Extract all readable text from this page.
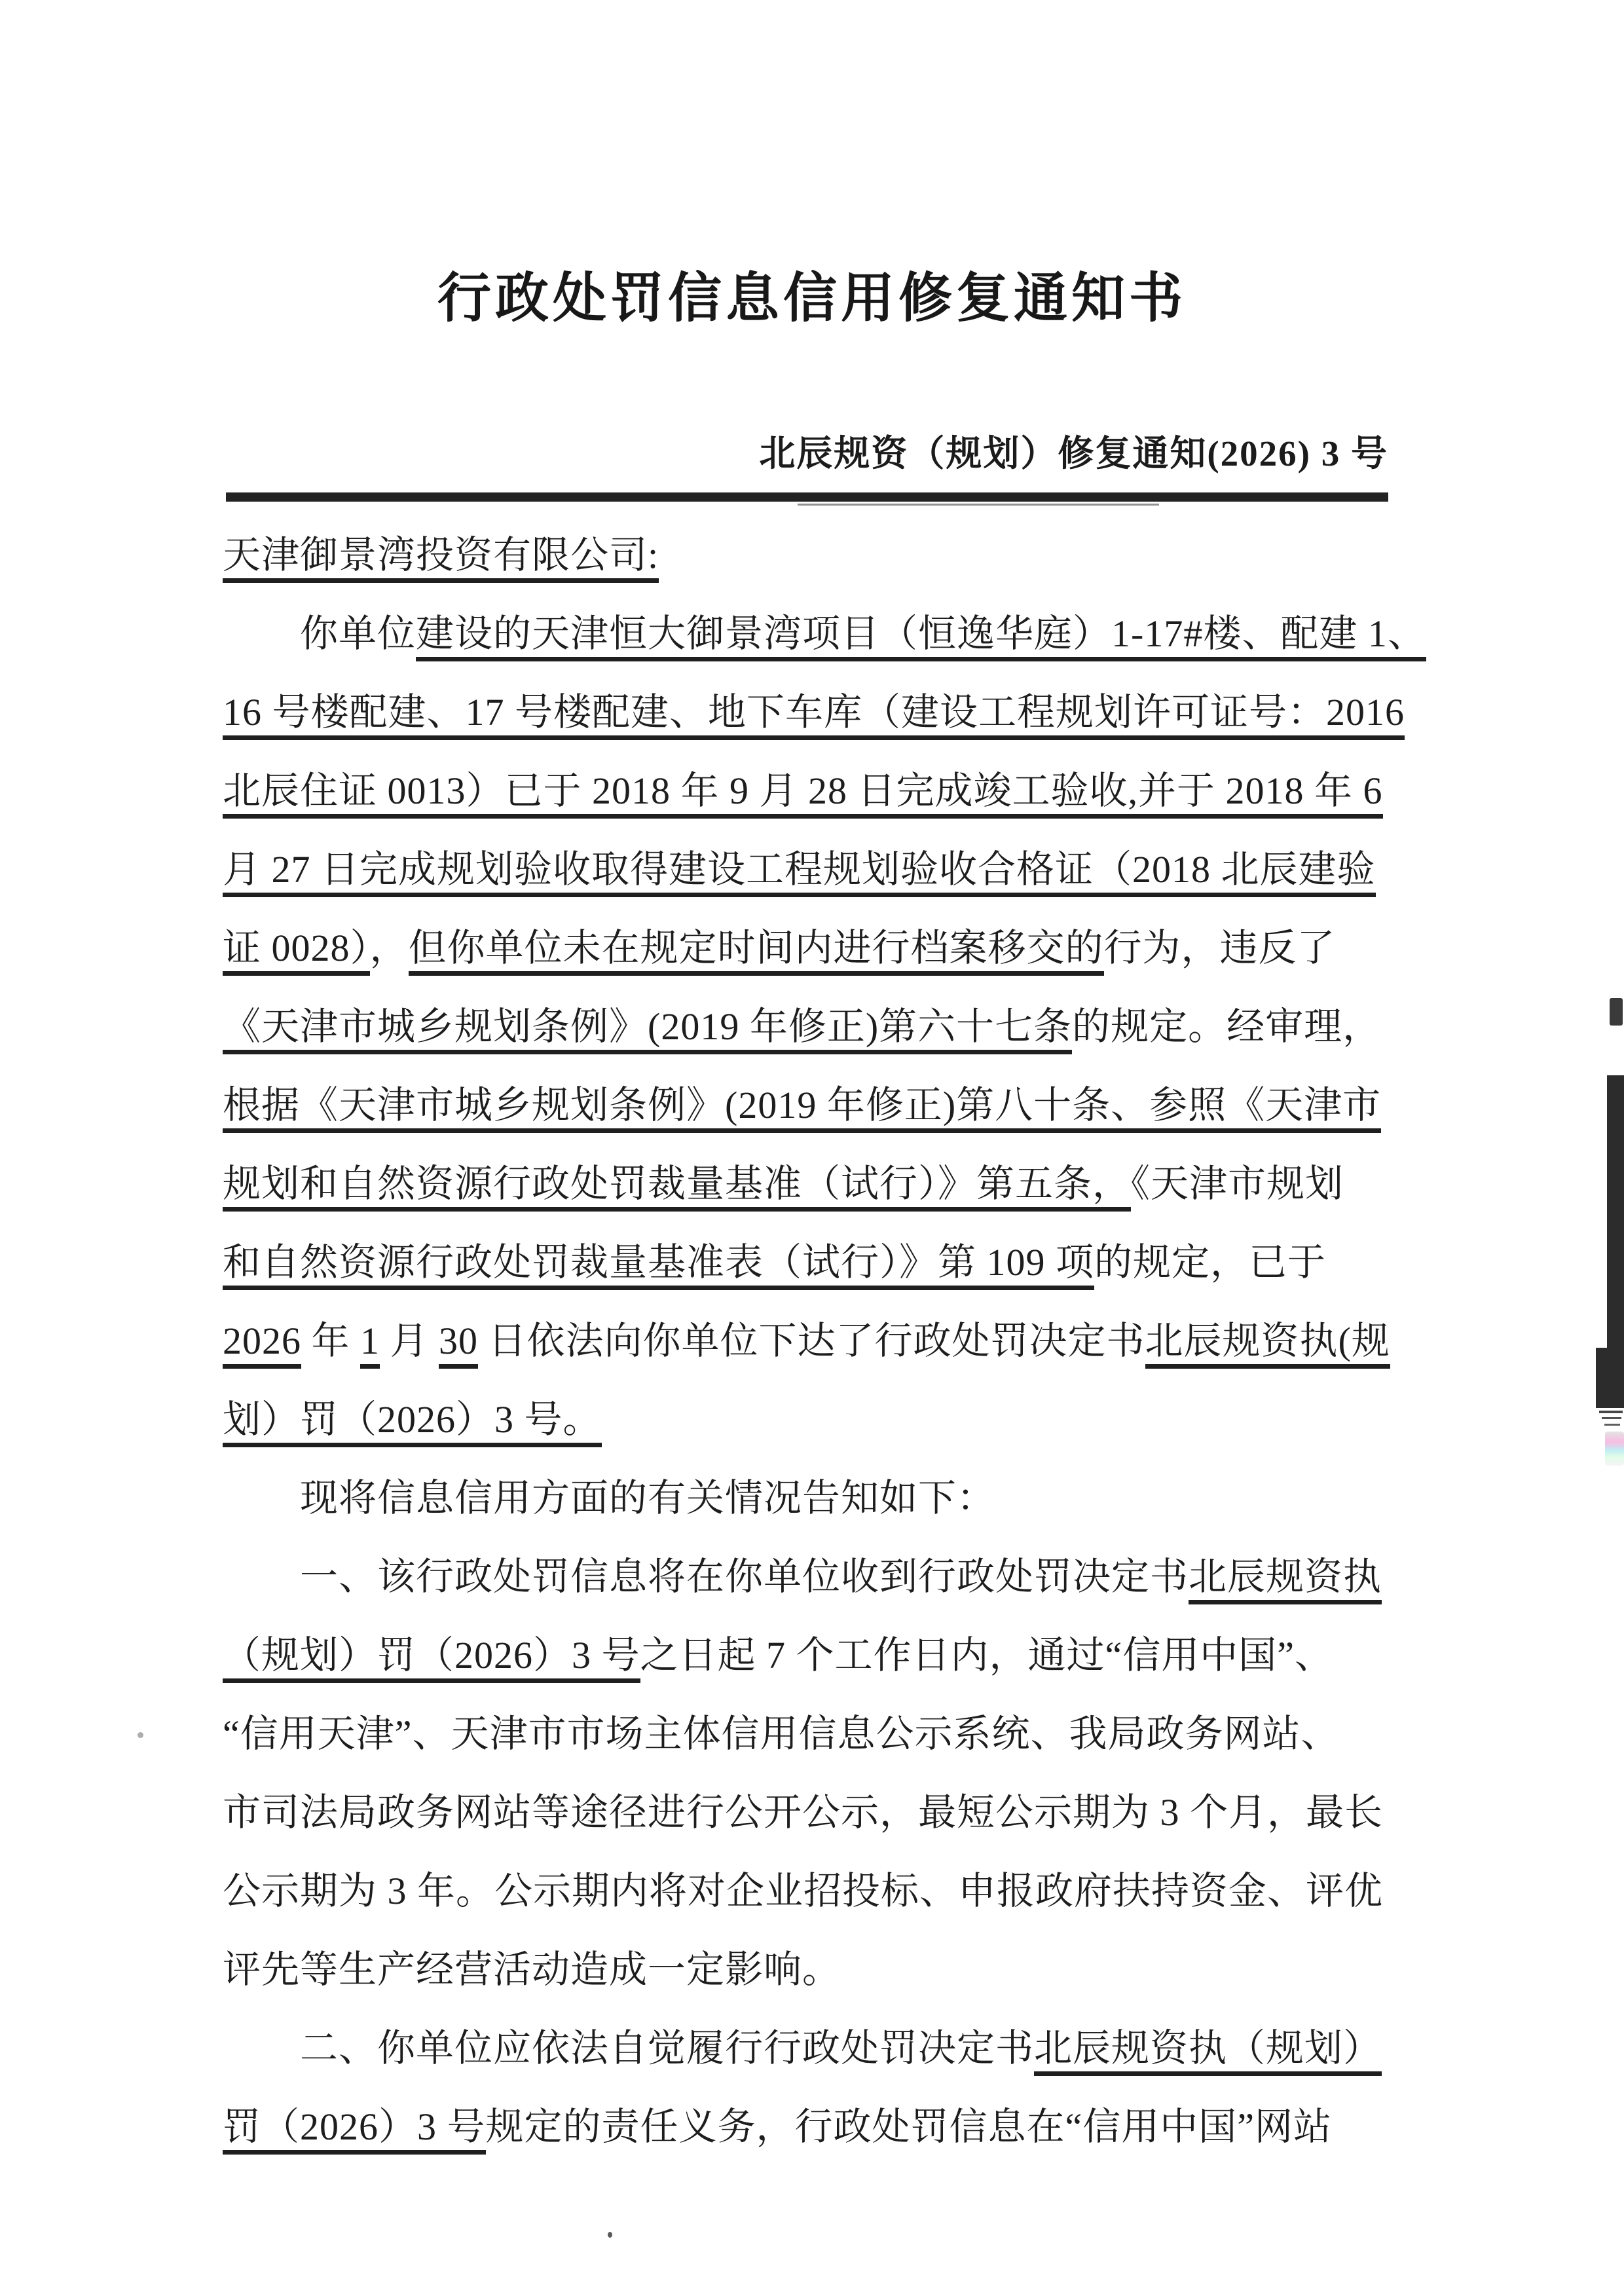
行政处罚信息信用修复通知书
北辰规资（规划）修复通知(2026) 3 号
天津御景湾投资有限公司:
你单位建设的天津恒大御景湾项目（恒逸华庭）1-17#楼、配建 1、
16 号楼配建、17 号楼配建、地下车库（建设工程规划许可证号：2016
北辰住证 0013）已于 2018 年 9 月 28 日完成竣工验收,并于 2018 年 6
月 27 日完成规划验收取得建设工程规划验收合格证（2018 北辰建验
证 0028），但你单位未在规定时间内进行档案移交的行为，违反了
《天津市城乡规划条例》(2019 年修正)第六十七条的规定。经审理，
根据《天津市城乡规划条例》(2019 年修正)第八十条、参照《天津市
规划和自然资源行政处罚裁量基准（试行）》第五条，《天津市规划
和自然资源行政处罚裁量基准表（试行）》第 109 项的规定，已于
2026 年 1 月 30 日依法向你单位下达了行政处罚决定书北辰规资执(规
划）罚（2026）3 号。
现将信息信用方面的有关情况告知如下：
一、该行政处罚信息将在你单位收到行政处罚决定书北辰规资执
（规划）罚（2026）3 号之日起 7 个工作日内，通过“信用中国”、
“信用天津”、天津市市场主体信用信息公示系统、我局政务网站、
市司法局政务网站等途径进行公开公示，最短公示期为 3 个月，最长
公示期为 3 年。公示期内将对企业招投标、申报政府扶持资金、评优
评先等生产经营活动造成一定影响。
二、你单位应依法自觉履行行政处罚决定书北辰规资执（规划）
罚（2026）3 号规定的责任义务，行政处罚信息在“信用中国”网站
